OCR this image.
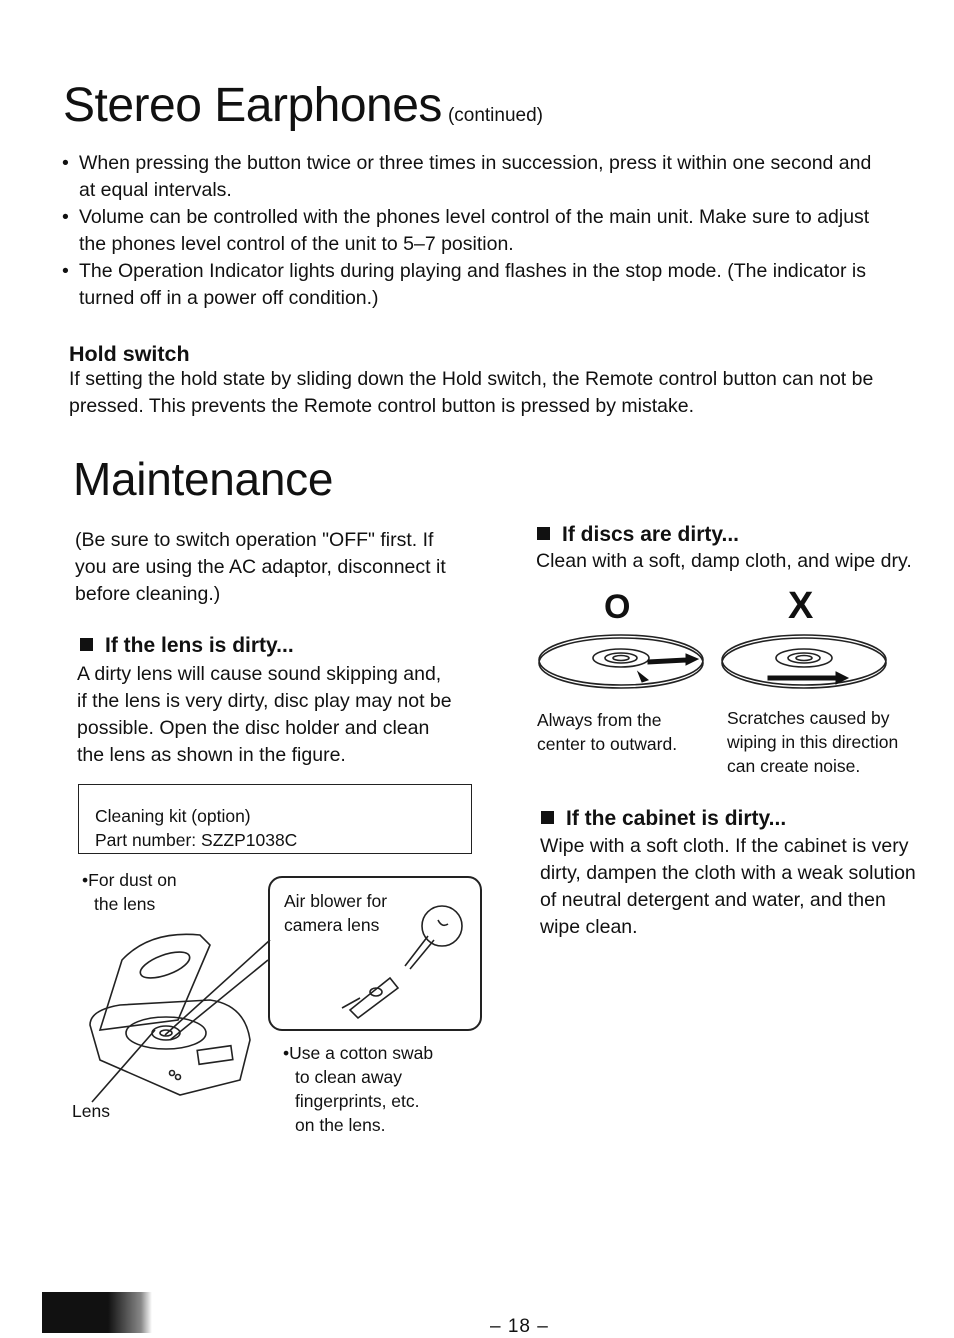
Stereo Earphones (continued)
• When pressing the button twice or three times in succession, press it within one second and
at equal intervals.
• Volume can be controlled with the phones level control of the main unit. Make sure to adjust
the phones level control of the unit to 5–7 position.
• The Operation Indicator lights during playing and flashes in the stop mode. (The indicator is
turned off in a power off condition.)
Hold switch
If setting the hold state by sliding down the Hold switch, the Remote control button can not be
pressed. This prevents the Remote control button is pressed by mistake.
Maintenance
(Be sure to switch operation "OFF" first. If
you are using the AC adaptor, disconnect it
before cleaning.)
If the lens is dirty...
A dirty lens will cause sound skipping and,
if the lens is very dirty, disc play may not be
possible. Open the disc holder and clean
the lens as shown in the figure.
Cleaning kit (option)
Part number: SZZP1038C
•For dust on
the lens	Air blower for
camera lens
•Use a cotton swab
to clean away
fingerprints, etc.
on the lens.
Lens
If discs are dirty...
Clean with a soft, damp cloth, and wipe dry.
O	X
Always from the
center to outward.
Scratches caused by
wiping in this direction
can create noise.
If the cabinet is dirty...
Wipe with a soft cloth. If the cabinet is very
dirty, dampen the cloth with a weak solution
of neutral detergent and water, and then
wipe clean.
– 18 –
